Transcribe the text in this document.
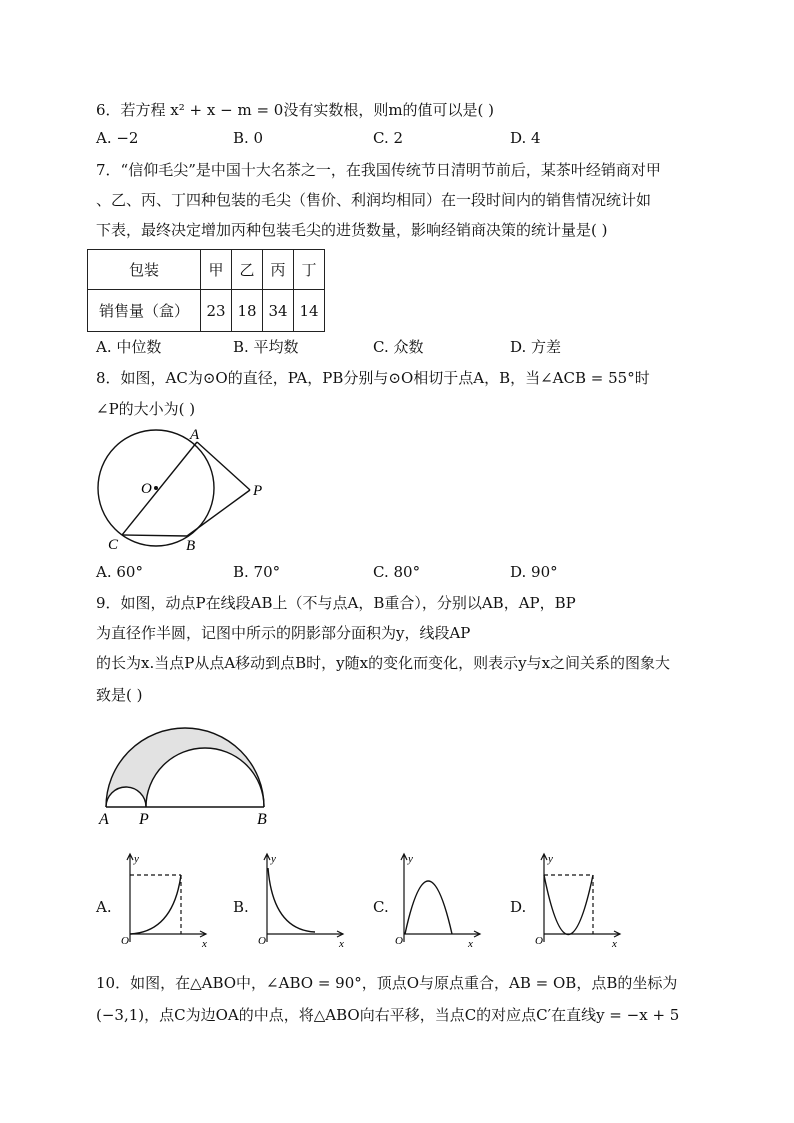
6．若方程 x² + x − m = 0没有实数根，则m的值可以是( )
A. −2	B. 0	C. 2	D. 4
7．“信仰毛尖”是中国十大名茶之一，在我国传统节日清明节前后，某茶叶经销商对甲
、乙、丙、丁四种包装的毛尖（售价、利润均相同）在一段时间内的销售情况统计如
下表，最终决定增加丙种包装毛尖的进货数量，影响经销商决策的统计量是( )
包装	甲	乙	丙	丁
销售量（盒）	23	18	34	14
A. 中位数	B. 平均数	C. 众数	D. 方差
8．如图，AC为⊙O的直径，PA，PB分别与⊙O相切于点A，B，当∠ACB = 55°时
∠P的大小为( )
A
O	P
C	B
A. 60°	B. 70°	C. 80°	D. 90°
9．如图，动点P在线段AB上（不与点A，B重合），分别以AB，AP，BP
为直径作半圆，记图中所示的阴影部分面积为y，线段AP
的长为x.当点P从点A移动到点B时，y随x的变化而变化，则表示y与x之间关系的图象大
致是( )
A P	B
A.
y
x
O
B.
y
x
O
C.
y
x
O
D.
y
x
O
10．如图，在△ABO中，∠ABO = 90°，顶点O与原点重合，AB = OB，点B的坐标为
(−3,1)，点C为边OA的中点，将△ABO向右平移，当点C的对应点C′在直线y = −x + 5
